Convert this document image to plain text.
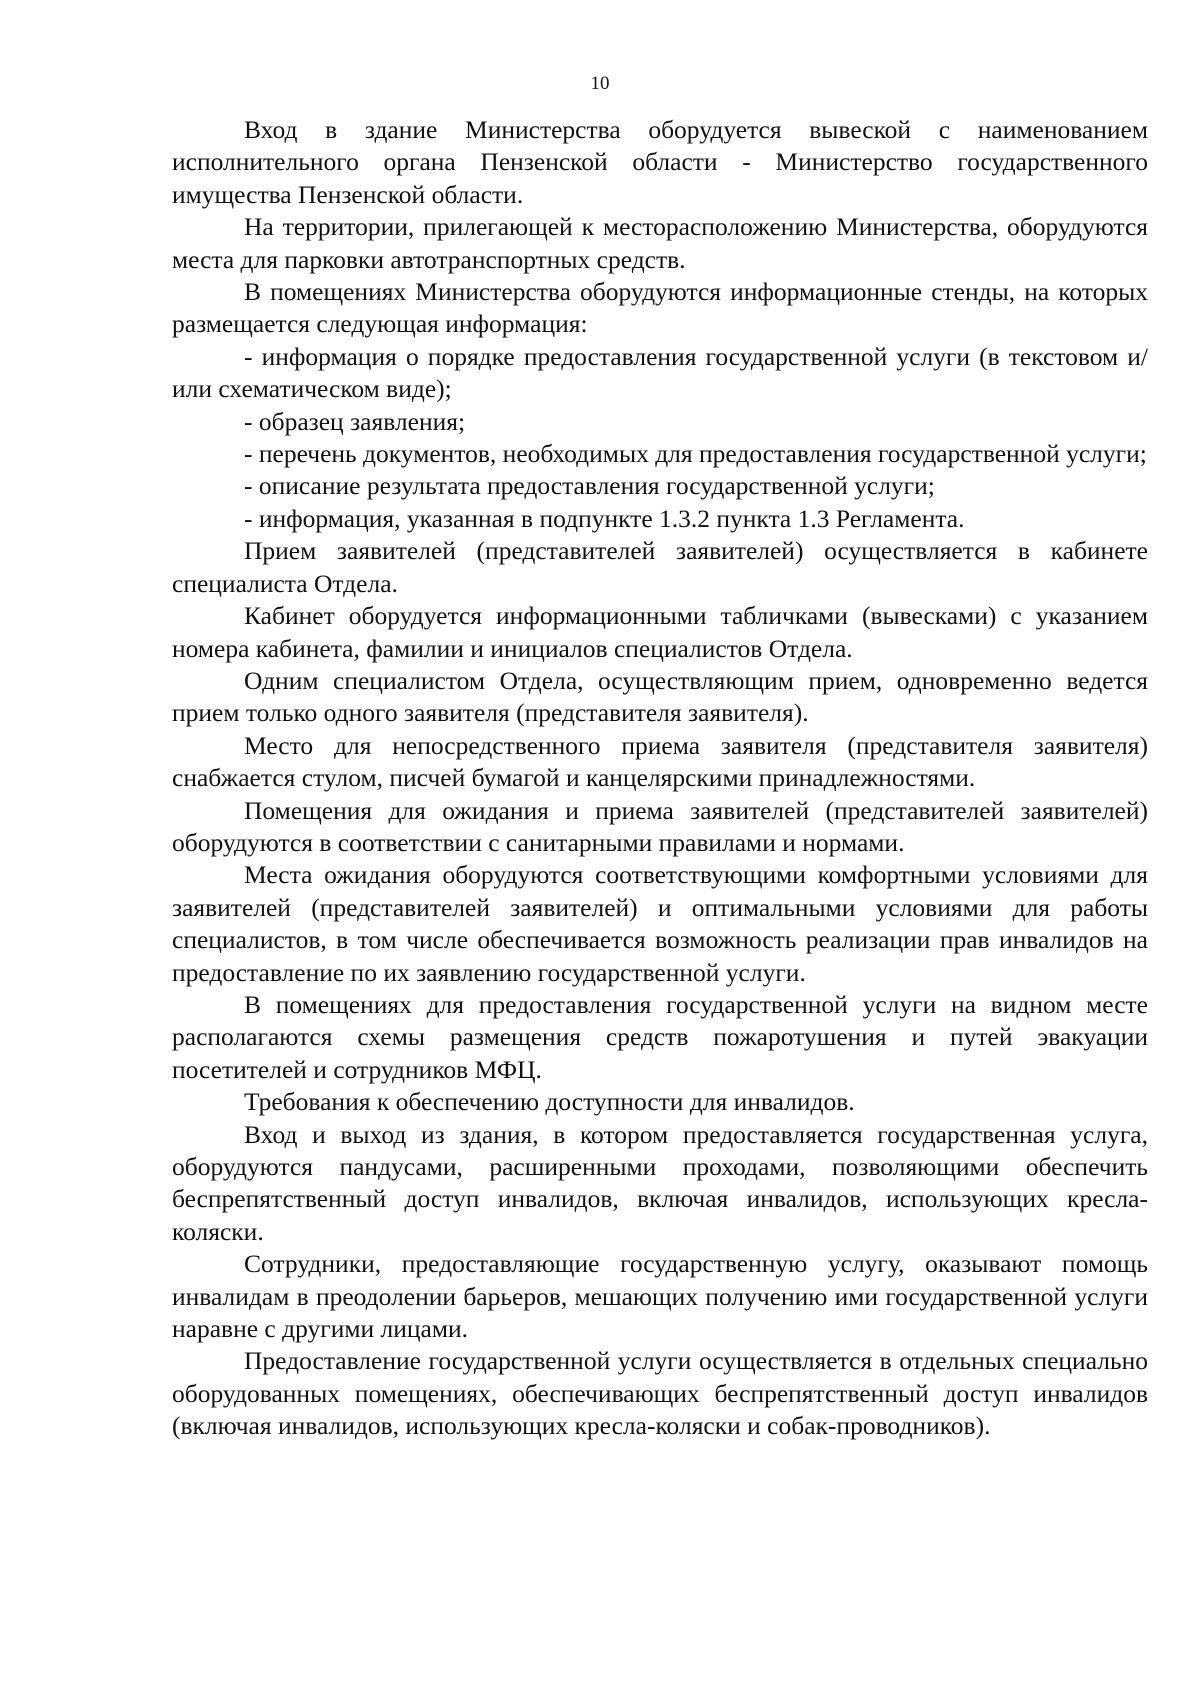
10

Вход в здание Министерства оборудуется вывеской с наименованием исполнительного органа Пензенской области - Министерство государственного имущества Пензенской области.

На территории, прилегающей к месторасположению Министерства, оборудуются места для парковки автотранспортных средств.

В помещениях Министерства оборудуются информационные стенды, на которых размещается следующая информация:

- информация о порядке предоставления государственной услуги (в текстовом и/или схематическом виде);

- образец заявления;

- перечень документов, необходимых для предоставления государственной услуги;

- описание результата предоставления государственной услуги;

- информация, указанная в подпункте 1.3.2 пункта 1.3 Регламента.

Прием заявителей (представителей заявителей) осуществляется в кабинете специалиста Отдела.

Кабинет оборудуется информационными табличками (вывесками) с указанием номера кабинета, фамилии и инициалов специалистов Отдела.

Одним специалистом Отдела, осуществляющим прием, одновременно ведется прием только одного заявителя (представителя заявителя).

Место для непосредственного приема заявителя (представителя заявителя) снабжается стулом, писчей бумагой и канцелярскими принадлежностями.

Помещения для ожидания и приема заявителей (представителей заявителей) оборудуются в соответствии с санитарными правилами и нормами.

Места ожидания оборудуются соответствующими комфортными условиями для заявителей (представителей заявителей) и оптимальными условиями для работы специалистов, в том числе обеспечивается возможность реализации прав инвалидов на предоставление по их заявлению государственной услуги.

В помещениях для предоставления государственной услуги на видном месте располагаются схемы размещения средств пожаротушения и путей эвакуации посетителей и сотрудников МФЦ.

Требования к обеспечению доступности для инвалидов.

Вход и выход из здания, в котором предоставляется государственная услуга, оборудуются пандусами, расширенными проходами, позволяющими обеспечить беспрепятственный доступ инвалидов, включая инвалидов, использующих кресла-коляски.

Сотрудники, предоставляющие государственную услугу, оказывают помощь инвалидам в преодолении барьеров, мешающих получению ими государственной услуги наравне с другими лицами.

Предоставление государственной услуги осуществляется в отдельных специально оборудованных помещениях, обеспечивающих беспрепятственный доступ инвалидов (включая инвалидов, использующих кресла-коляски и собак-проводников).
